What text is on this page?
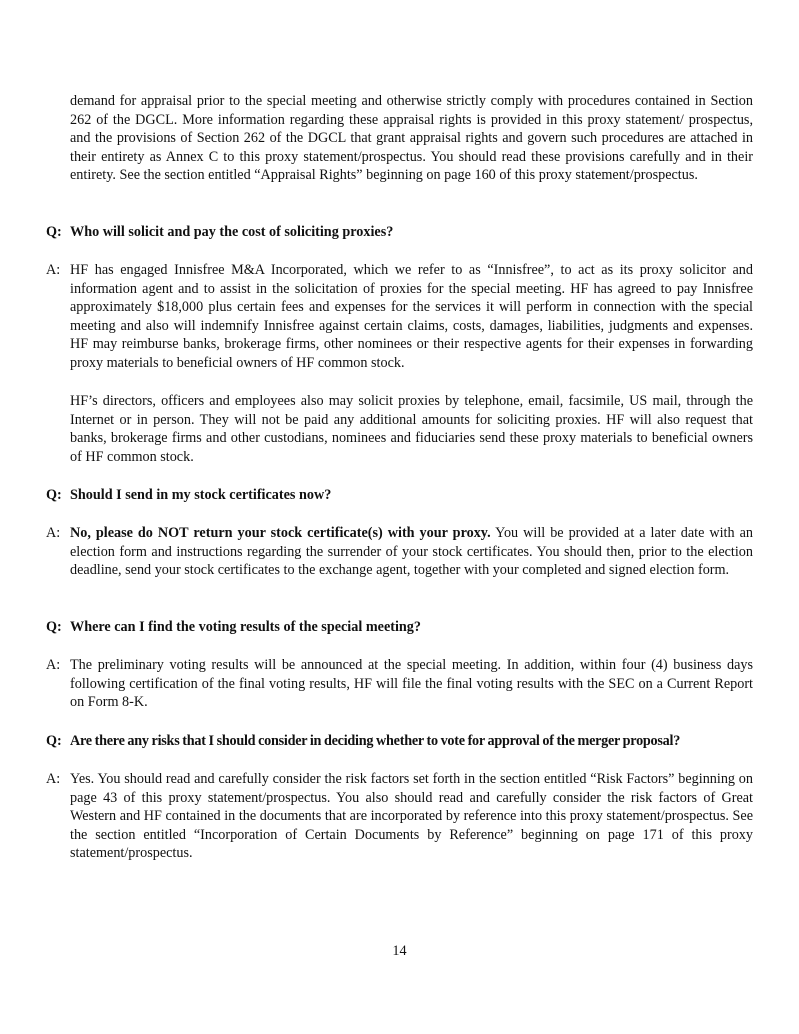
demand for appraisal prior to the special meeting and otherwise strictly comply with procedures contained in Section 262 of the DGCL. More information regarding these appraisal rights is provided in this proxy statement/ prospectus, and the provisions of Section 262 of the DGCL that grant appraisal rights and govern such procedures are attached in their entirety as Annex C to this proxy statement/prospectus. You should read these provisions carefully and in their entirety. See the section entitled “Appraisal Rights” beginning on page 160 of this proxy statement/prospectus.
Q: Who will solicit and pay the cost of soliciting proxies?
A: HF has engaged Innisfree M&A Incorporated, which we refer to as “Innisfree”, to act as its proxy solicitor and information agent and to assist in the solicitation of proxies for the special meeting. HF has agreed to pay Innisfree approximately $18,000 plus certain fees and expenses for the services it will perform in connection with the special meeting and also will indemnify Innisfree against certain claims, costs, damages, liabilities, judgments and expenses. HF may reimburse banks, brokerage firms, other nominees or their respective agents for their expenses in forwarding proxy materials to beneficial owners of HF common stock.
HF’s directors, officers and employees also may solicit proxies by telephone, email, facsimile, US mail, through the Internet or in person. They will not be paid any additional amounts for soliciting proxies. HF will also request that banks, brokerage firms and other custodians, nominees and fiduciaries send these proxy materials to beneficial owners of HF common stock.
Q: Should I send in my stock certificates now?
A: No, please do NOT return your stock certificate(s) with your proxy. You will be provided at a later date with an election form and instructions regarding the surrender of your stock certificates. You should then, prior to the election deadline, send your stock certificates to the exchange agent, together with your completed and signed election form.
Q: Where can I find the voting results of the special meeting?
A: The preliminary voting results will be announced at the special meeting. In addition, within four (4) business days following certification of the final voting results, HF will file the final voting results with the SEC on a Current Report on Form 8-K.
Q: Are there any risks that I should consider in deciding whether to vote for approval of the merger proposal?
A: Yes. You should read and carefully consider the risk factors set forth in the section entitled “Risk Factors” beginning on page 43 of this proxy statement/prospectus. You also should read and carefully consider the risk factors of Great Western and HF contained in the documents that are incorporated by reference into this proxy statement/prospectus. See the section entitled “Incorporation of Certain Documents by Reference” beginning on page 171 of this proxy statement/prospectus.
14
